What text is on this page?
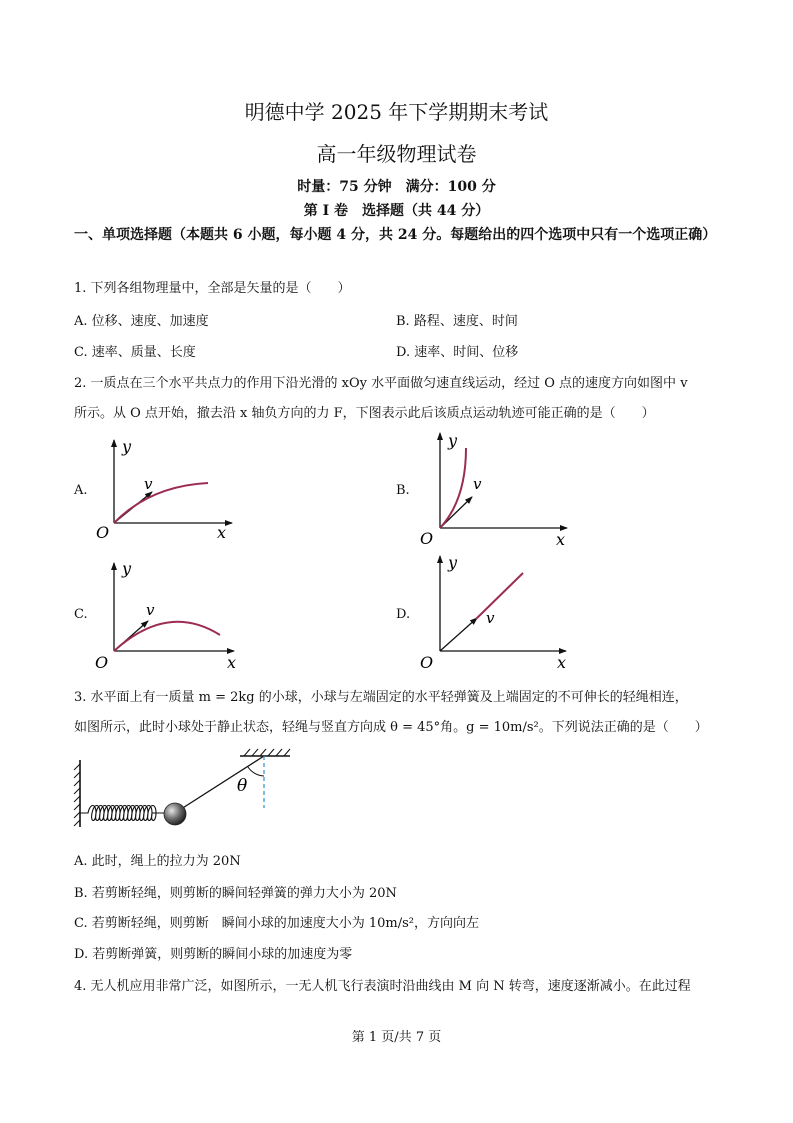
明德中学 2025 年下学期期末考试
高一年级物理试卷
时量：75 分钟　满分：100 分
第 I 卷　选择题（共 44 分）
一、单项选择题（本题共 6 小题，每小题 4 分，共 24 分。每题给出的四个选项中只有一个选项正确）
1. 下列各组物理量中，全部是矢量的是（　　）
A. 位移、速度、加速度	B. 路程、速度、时间
C. 速率、质量、长度	D. 速率、时间、位移
2. 一质点在三个水平共点力的作用下沿光滑的 xOy 水平面做匀速直线运动，经过 O 点的速度方向如图中 v
所示。从 O 点开始，撤去沿 x 轴负方向的力 F，下图表示此后该质点运动轨迹可能正确的是（　　）
A.	B.
C.	D.
y
x
O
v
y
x
O
v
y
x
O
v
y
x
O
v
θ
3. 水平面上有一质量 m = 2kg 的小球，小球与左端固定的水平轻弹簧及上端固定的不可伸长的轻绳相连，
如图所示，此时小球处于静止状态，轻绳与竖直方向成 θ = 45°角。g = 10m/s²。下列说法正确的是（　　）
A. 此时，绳上的拉力为 20N
B. 若剪断轻绳，则剪断的瞬间轻弹簧的弹力大小为 20N
C. 若剪断轻绳，则剪断　瞬间小球的加速度大小为 10m/s²，方向向左
D. 若剪断弹簧，则剪断的瞬间小球的加速度为零
4. 无人机应用非常广泛，如图所示，一无人机飞行表演时沿曲线由 M 向 N 转弯，速度逐渐减小。在此过程
第 1 页/共 7 页
